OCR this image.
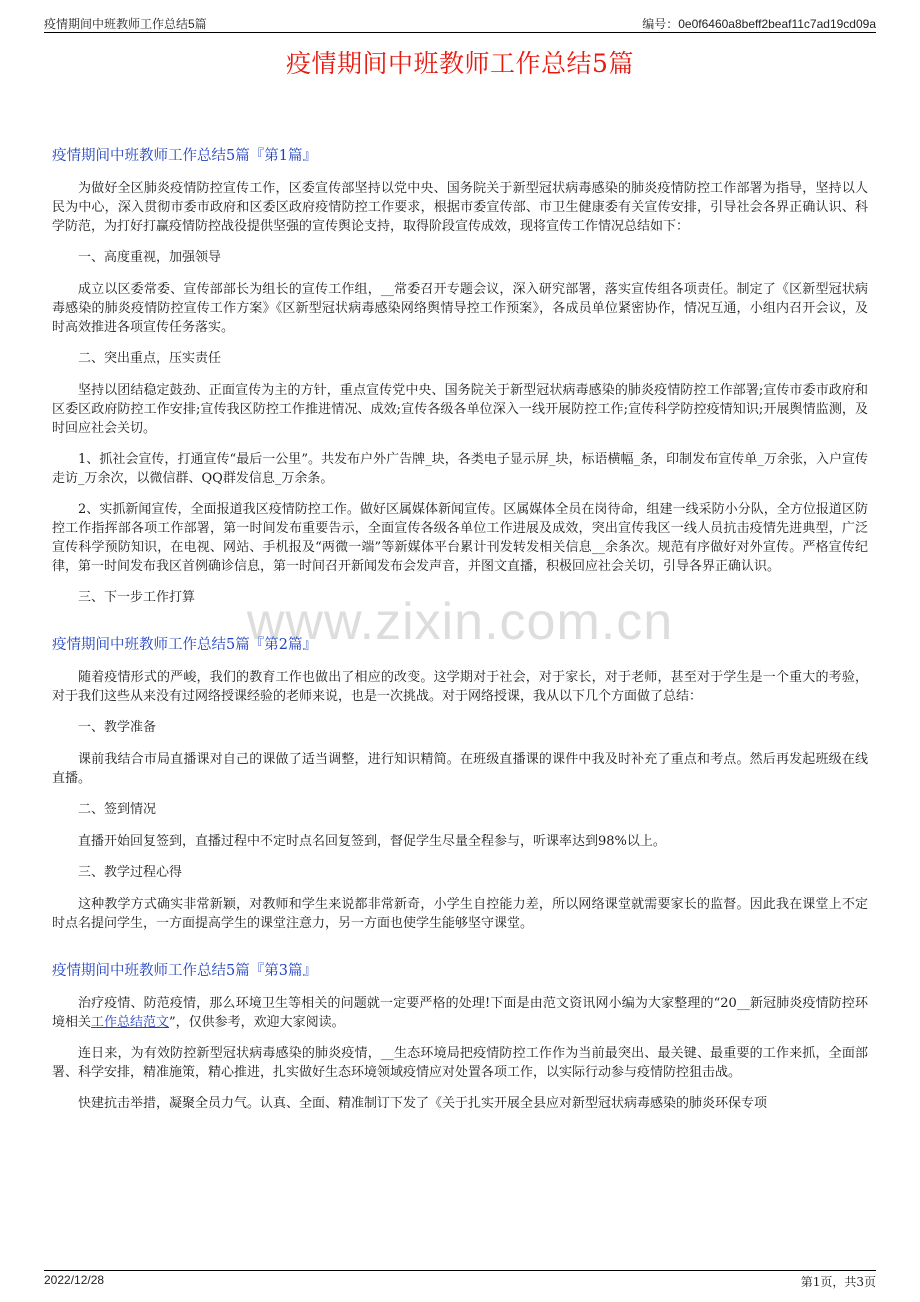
疫情期间中班教师工作总结5篇	编号：0e0f6460a8beff2beaf11c7ad19cd09a
疫情期间中班教师工作总结5篇
www.zixin.com.cn
疫情期间中班教师工作总结5篇『第1篇』

为做好全区肺炎疫情防控宣传工作，区委宣传部坚持以党中央、国务院关于新型冠状病毒感染的肺炎疫情防控工作部署为指导，坚持以人民为中心，深入贯彻市委市政府和区委区政府疫情防控工作要求，根据市委宣传部、市卫生健康委有关宣传安排，引导社会各界正确认识、科学防范，为打好打赢疫情防控战役提供坚强的宣传舆论支持，取得阶段宣传成效，现将宣传工作情况总结如下：

一、高度重视，加强领导

成立以区委常委、宣传部部长为组长的宣传工作组，__常委召开专题会议，深入研究部署，落实宣传组各项责任。制定了《区新型冠状病毒感染的肺炎疫情防控宣传工作方案》《区新型冠状病毒感染网络舆情导控工作预案》，各成员单位紧密协作，情况互通，小组内召开会议，及时高效推进各项宣传任务落实。

二、突出重点，压实责任

坚持以团结稳定鼓劲、正面宣传为主的方针，重点宣传党中央、国务院关于新型冠状病毒感染的肺炎疫情防控工作部署;宣传市委市政府和区委区政府防控工作安排;宣传我区防控工作推进情况、成效;宣传各级各单位深入一线开展防控工作;宣传科学防控疫情知识;开展舆情监测，及时回应社会关切。

1、抓社会宣传，打通宣传“最后一公里”。共发布户外广告牌_块，各类电子显示屏_块，标语横幅_条，印制发布宣传单_万余张，入户宣传走访_万余次，以微信群、QQ群发信息_万余条。

2、实抓新闻宣传，全面报道我区疫情防控工作。做好区属媒体新闻宣传。区属媒体全员在岗待命，组建一线采防小分队，全方位报道区防控工作指挥部各项工作部署，第一时间发布重要告示，全面宣传各级各单位工作进展及成效，突出宣传我区一线人员抗击疫情先进典型，广泛宣传科学预防知识，在电视、网站、手机报及“两微一端”等新媒体平台累计刊发转发相关信息__余条次。规范有序做好对外宣传。严格宣传纪律，第一时间发布我区首例确诊信息，第一时间召开新闻发布会发声音，并图文直播，积极回应社会关切，引导各界正确认识。

三、下一步工作打算

疫情期间中班教师工作总结5篇『第2篇』

随着疫情形式的严峻，我们的教育工作也做出了相应的改变。这学期对于社会，对于家长，对于老师，甚至对于学生是一个重大的考验，对于我们这些从来没有过网络授课经验的老师来说，也是一次挑战。对于网络授课，我从以下几个方面做了总结：

一、教学准备

课前我结合市局直播课对自己的课做了适当调整，进行知识精简。在班级直播课的课件中我及时补充了重点和考点。然后再发起班级在线直播。

二、签到情况

直播开始回复签到，直播过程中不定时点名回复签到，督促学生尽量全程参与，听课率达到98%以上。

三、教学过程心得

这种教学方式确实非常新颖，对教师和学生来说都非常新奇，小学生自控能力差，所以网络课堂就需要家长的监督。因此我在课堂上不定时点名提问学生，一方面提高学生的课堂注意力，另一方面也使学生能够坚守课堂。

疫情期间中班教师工作总结5篇『第3篇』

治疗疫情、防范疫情，那么环境卫生等相关的问题就一定要严格的处理!下面是由范文资讯网小编为大家整理的“20__新冠肺炎疫情防控环境相关工作总结范文”，仅供参考，欢迎大家阅读。

连日来，为有效防控新型冠状病毒感染的肺炎疫情，__生态环境局把疫情防控工作作为当前最突出、最关键、最重要的工作来抓，全面部署、科学安排，精准施策，精心推进，扎实做好生态环境领域疫情应对处置各项工作，以实际行动参与疫情防控狙击战。

快建抗击举措，凝聚全员力气。认真、全面、精准制订下发了《关于扎实开展全县应对新型冠状病毒感染的肺炎环保专项

2022/12/28	第1页，共3页
